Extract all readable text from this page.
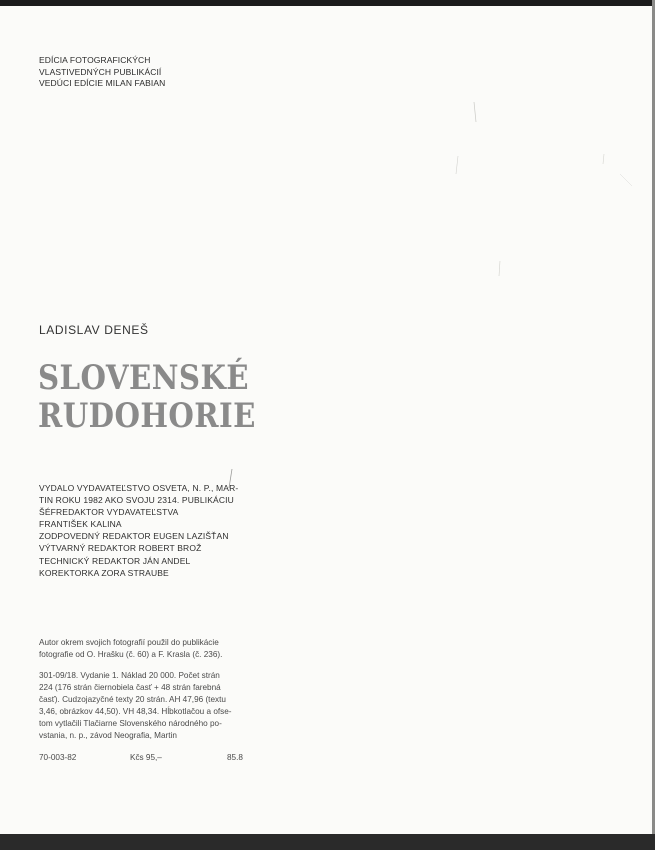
EDÍCIA FOTOGRAFICKÝCH
VLASTIVEDNÝCH PUBLIKÁCIÍ
VEDÚCI EDÍCIE MILAN FABIAN
LADISLAV DENEŠ
SLOVENSKÉ
RUDOHORIE
VYDALO VYDAVATEĽSTVO OSVETA, N. P., MAR-
TIN ROKU 1982 AKO SVOJU 2314. PUBLIKÁCIU
ŠÉFREDAKTOR VYDAVATEĽSTVA
FRANTIŠEK KALINA
ZODPOVEDNÝ REDAKTOR EUGEN LAZIŠŤAN
VÝTVARNÝ REDAKTOR ROBERT BROŽ
TECHNICKÝ REDAKTOR JÁN ANDEL
KOREKTORKA ZORA STRAUBE
Autor okrem svojich fotografií použil do publikácie
fotografie od O. Hrašku (č. 60) a F. Krasla (č. 236).
301-09/18. Vydanie 1. Náklad 20 000. Počet strán
224 (176 strán čiernobiela časť + 48 strán farebná
časť). Cudzojazyčné texty 20 strán. AH 47,96 (textu
3,46, obrázkov 44,50). VH 48,34. Hĺbkotlačou a ofse-
tom vytlačili Tlačiarne Slovenského národného po-
vstania, n. p., závod Neografia, Martin
70-003-82	Kčs 95,–	85.8
